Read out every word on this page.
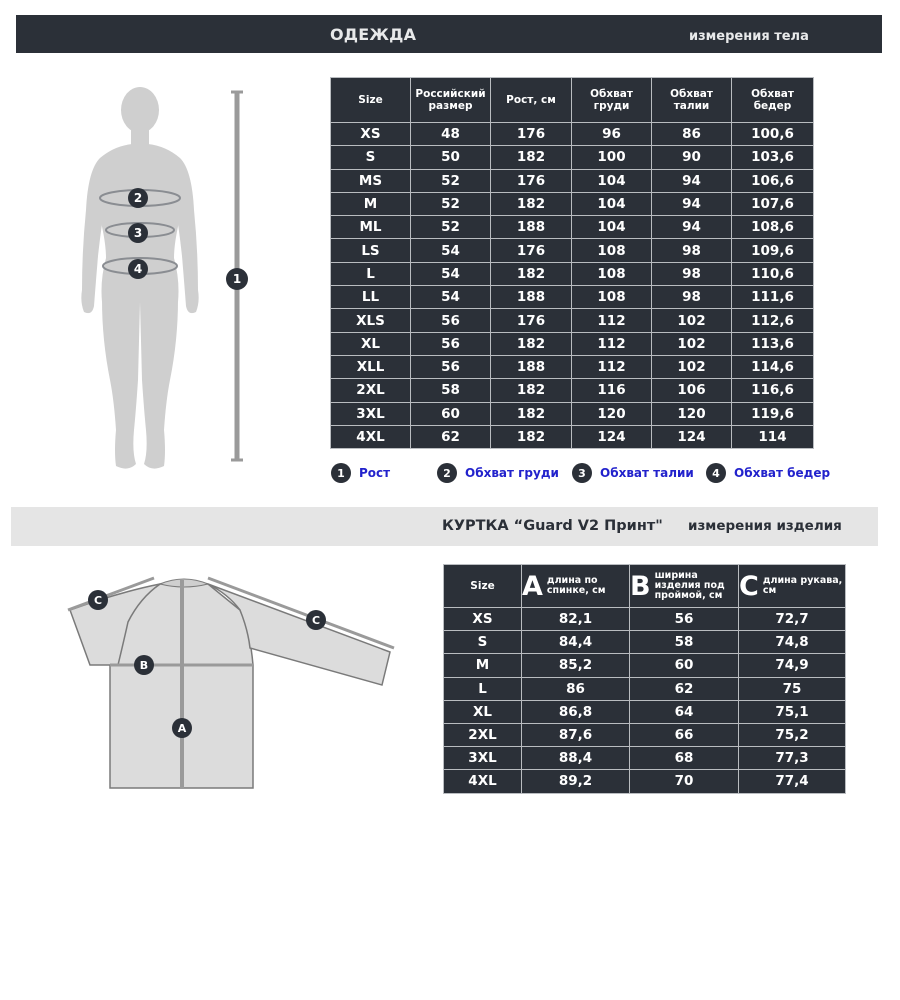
ОДЕЖДА	измерения тела
2
3
4
1
Size	Российский размер	Рост, см	Обхват груди	Обхват талии	Обхват бедер
XS	48	176	96	86	100,6
S	50	182	100	90	103,6
MS	52	176	104	94	106,6
M	52	182	104	94	107,6
ML	52	188	104	94	108,6
LS	54	176	108	98	109,6
L	54	182	108	98	110,6
LL	54	188	108	98	111,6
XLS	56	176	112	102	112,6
XL	56	182	112	102	113,6
XLL	56	188	112	102	114,6
2XL	58	182	116	106	116,6
3XL	60	182	120	120	119,6
4XL	62	182	124	124	114
1	Рост	2	Обхват груди	3	Обхват талии	4	Обхват бедер
КУРТКА “Guard V2 Принт" измерения изделия
C
C
B
A
Size	A длина по спинке, см	B ширина изделия под проймой, см	C длина рукава, см

XS	82,1	56	72,7
S	84,4	58	74,8
M	85,2	60	74,9
L	86	62	75
XL	86,8	64	75,1
2XL	87,6	66	75,2
3XL	88,4	68	77,3
4XL	89,2	70	77,4
